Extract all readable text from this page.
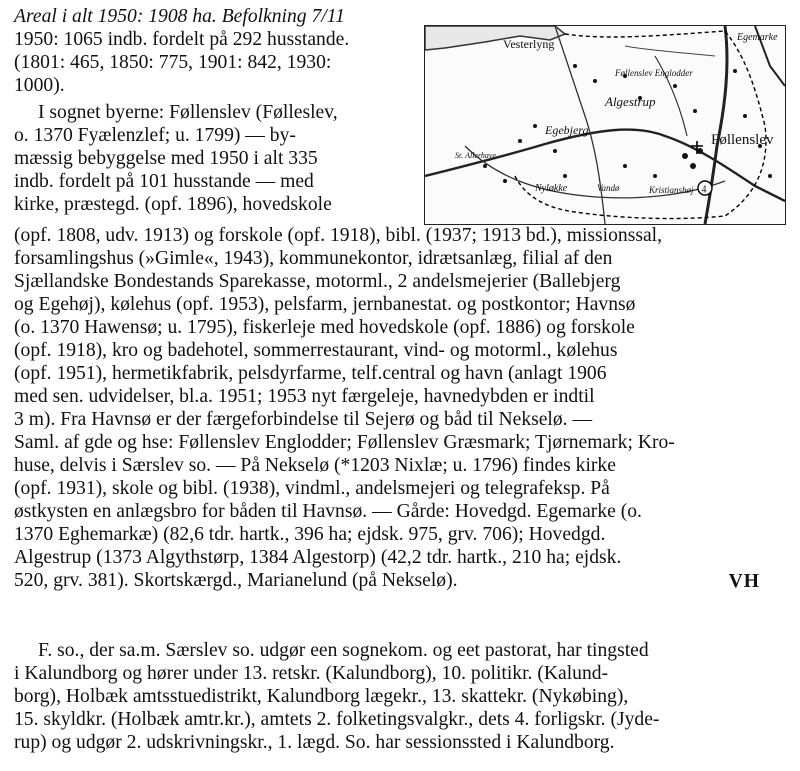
Areal i alt 1950: 1908 ha. Befolkning 7/11
1950: 1065 indb. fordelt på 292 husstande.
(1801: 465, 1850: 775, 1901: 842, 1930:
1000).
I sognet byerne: Føllenslev (Følleslev,
o. 1370 Fyælenzlef; u. 1799) — by-
mæssig bebyggelse med 1950 i alt 335
indb. fordelt på 101 husstande — med
kirke, præstegd. (opf. 1896), hovedskole
4
Vesterlyng	Egemarke
Føllenslev Englodder
Algestrup
Egebjerg
Føllenslev
St. Allerhave
Nyløkke	Vandø	Kristianshøj
(opf. 1808, udv. 1913) og forskole (opf. 1918), bibl. (1937; 1913 bd.), missionssal,
forsamlingshus (»Gimle«, 1943), kommunekontor, idrætsanlæg, filial af den
Sjællandske Bondestands Sparekasse, motorml., 2 andelsmejerier (Ballebjerg
og Egehøj), kølehus (opf. 1953), pelsfarm, jernbanestat. og postkontor; Havnsø
(o. 1370 Hawensø; u. 1795), fiskerleje med hovedskole (opf. 1886) og forskole
(opf. 1918), kro og badehotel, sommerrestaurant, vind- og motorml., kølehus
(opf. 1951), hermetikfabrik, pelsdyrfarme, telf.central og havn (anlagt 1906
med sen. udvidelser, bl.a. 1951; 1953 nyt færgeleje, havnedybden er indtil
3 m). Fra Havnsø er der færgeforbindelse til Sejerø og båd til Nekselø. —
Saml. af gde og hse: Føllenslev Englodder; Føllenslev Græsmark; Tjørnemark; Kro-
huse, delvis i Særslev so. — På Nekselø (*1203 Nixlæ; u. 1796) findes kirke
(opf. 1931), skole og bibl. (1938), vindml., andelsmejeri og telegrafeksp. På
østkysten en anlægsbro for båden til Havnsø. — Gårde: Hovedgd. Egemarke (o.
1370 Eghemarkæ) (82,6 tdr. hartk., 396 ha; ejdsk. 975, grv. 706); Hovedgd.
Algestrup (1373 Algythstørp, 1384 Algestorp) (42,2 tdr. hartk., 210 ha; ejdsk.
520, grv. 381). Skortskærgd., Marianelund (på Nekselø).	VH
F. so., der sa.m. Særslev so. udgør een sognekom. og eet pastorat, har tingsted
i Kalundborg og hører under 13. retskr. (Kalundborg), 10. politikr. (Kalund-
borg), Holbæk amtsstuedistrikt, Kalundborg lægekr., 13. skattekr. (Nykøbing),
15. skyldkr. (Holbæk amtr.kr.), amtets 2. folketingsvalgkr., dets 4. forligskr. (Jyde-
rup) og udgør 2. udskrivningskr., 1. lægd. So. har sessionssted i Kalundborg.
